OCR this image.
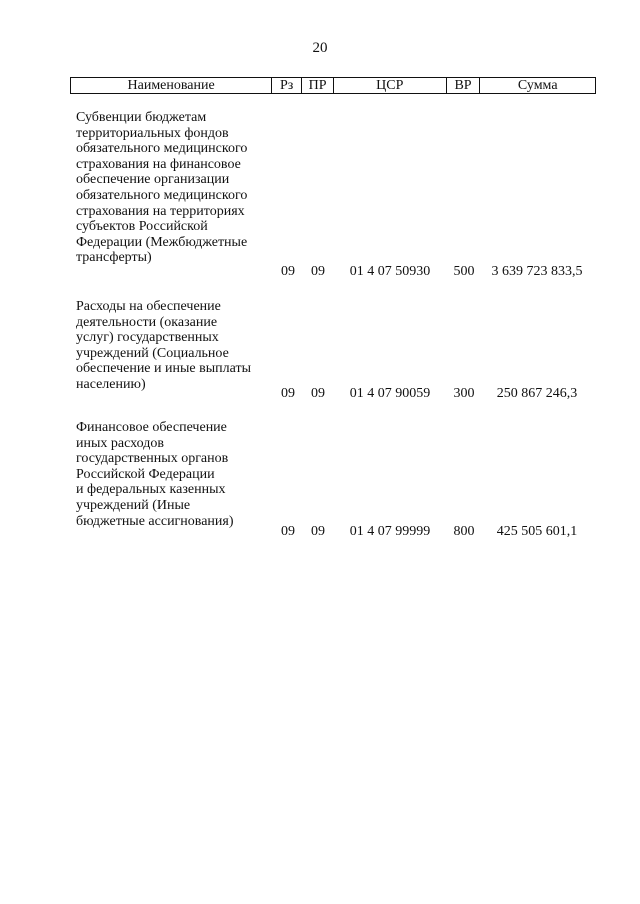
20
Наименование	Рз	ПР	ЦСР	ВР	Сумма
Субвенции бюджетам
территориальных фондов
обязательного медицинского
страхования на финансовое
обеспечение организации
обязательного медицинского
страхования на территориях
субъектов Российской
Федерации (Межбюджетные
трансферты)
09	09	01 4 07 50930	500	3 639 723 833,5
Расходы на обеспечение
деятельности (оказание
услуг) государственных
учреждений (Социальное
обеспечение и иные выплаты
населению)
09	09	01 4 07 90059	300	250 867 246,3
Финансовое обеспечение
иных расходов
государственных органов
Российской Федерации
и федеральных казенных
учреждений (Иные
бюджетные ассигнования)
09	09	01 4 07 99999	800	425 505 601,1
